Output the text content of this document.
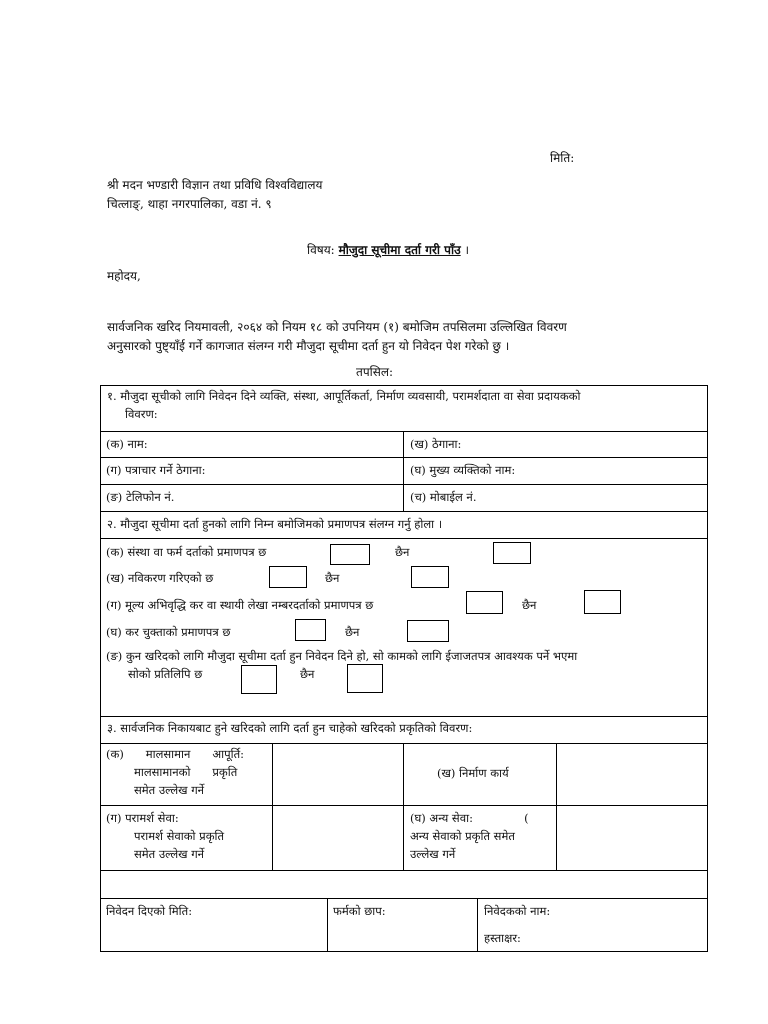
मिति:
श्री मदन भण्डारी विज्ञान तथा प्रविधि विश्वविद्यालय
चित्लाङ्, थाहा नगरपालिका, वडा नं. ९
विषय: मौजुदा सूचीमा दर्ता गरी पाँउ ।
महोदय,
सार्वजनिक खरिद नियमावली, २०६४ को नियम १८ को उपनियम (१) बमोजिम तपसिलमा उल्लिखित विवरण
अनुसारको पुष्ट्याँई गर्ने कागजात संलग्न गरी मौजुदा सूचीमा दर्ता हुन यो निवेदन पेश गरेको छु ।
तपसिल:
१. मौजुदा सूचीको लागि निवेदन दिने व्यक्ति, संस्था, आपूर्तिकर्ता, निर्माण व्यवसायी, परामर्शदाता वा सेवा प्रदायकको
विवरण:
(क) नाम:	(ख) ठेगाना:
(ग) पत्राचार गर्ने ठेगाना:	(घ) मुख्य व्यक्तिको नाम:
(ङ) टेलिफोन नं.	(च) मोबाईल नं.
२. मौजुदा सूचीमा दर्ता हुनको लागि निम्न बमोजिमको प्रमाणपत्र संलग्न गर्नु होला ।
(क) संस्था वा फर्म दर्ताको प्रमाणपत्र छ	छैन
(ख) नविकरण गरिएको छ	छैन
(ग) मूल्य अभिवृद्धि कर वा स्थायी लेखा नम्बरदर्ताको प्रमाणपत्र छ	छैन
(घ) कर चुक्ताको प्रमाणपत्र छ	छैन
(ङ) कुन खरिदको लागि मौजुदा सूचीमा दर्ता हुन निवेदन दिने हो, सो कामको लागि ईजाजतपत्र आवश्यक पर्ने भएमा
सोको प्रतिलिपि छ	छैन
३. सार्वजनिक निकायबाट हुने खरिदको लागि दर्ता हुन चाहेको खरिदको प्रकृतिको विवरण:
(क)      मालसामान      आपूर्ति:
मालसामानको      प्रकृति
समेत उल्लेख गर्ने
(ख) निर्माण कार्य
(ग) परामर्श सेवा:
परामर्श सेवाको प्रकृति
समेत उल्लेख गर्ने
(घ) अन्य सेवा:              (
अन्य सेवाको प्रकृति समेत
उल्लेख गर्ने
निवेदन दिएको मिति:	फर्मको छाप:	निवेदकको नाम:
हस्ताक्षर:
